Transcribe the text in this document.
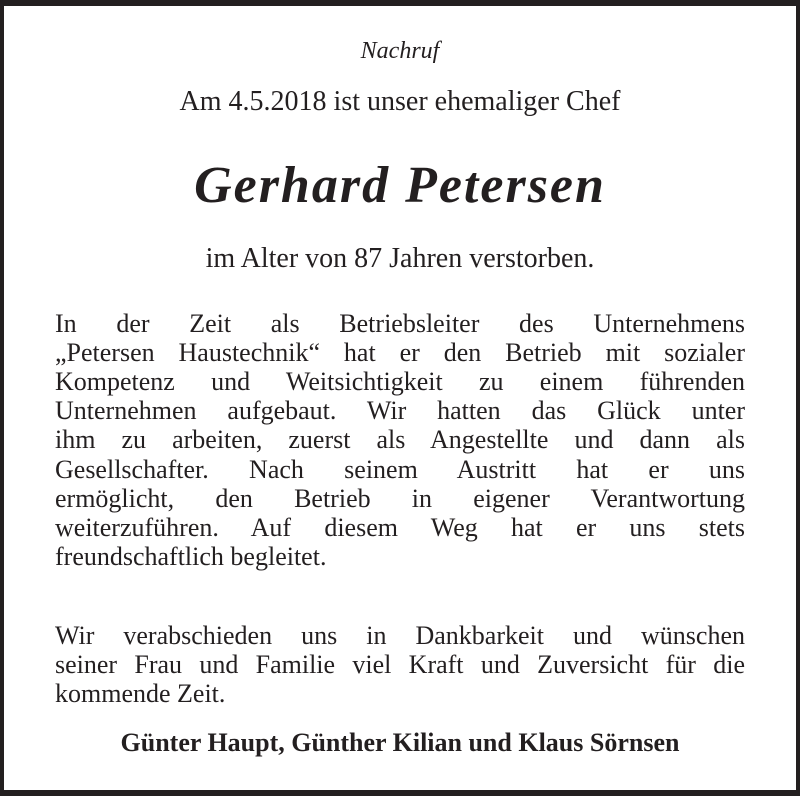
Nachruf
Am 4.5.2018 ist unser ehemaliger Chef
Gerhard Petersen
im Alter von 87 Jahren verstorben.
In der Zeit als Betriebsleiter des Unternehmens
„Petersen Haustechnik“ hat er den Betrieb mit sozialer
Kompetenz und Weitsichtigkeit zu einem führenden
Unternehmen aufgebaut. Wir hatten das Glück unter
ihm zu arbeiten, zuerst als Angestellte und dann als
Gesellschafter. Nach seinem Austritt hat er uns
ermöglicht, den Betrieb in eigener Verantwortung
weiterzuführen. Auf diesem Weg hat er uns stets
freundschaftlich begleitet.
Wir verabschieden uns in Dankbarkeit und wünschen
seiner Frau und Familie viel Kraft und Zuversicht für die
kommende Zeit.
Günter Haupt, Günther Kilian und Klaus Sörnsen
